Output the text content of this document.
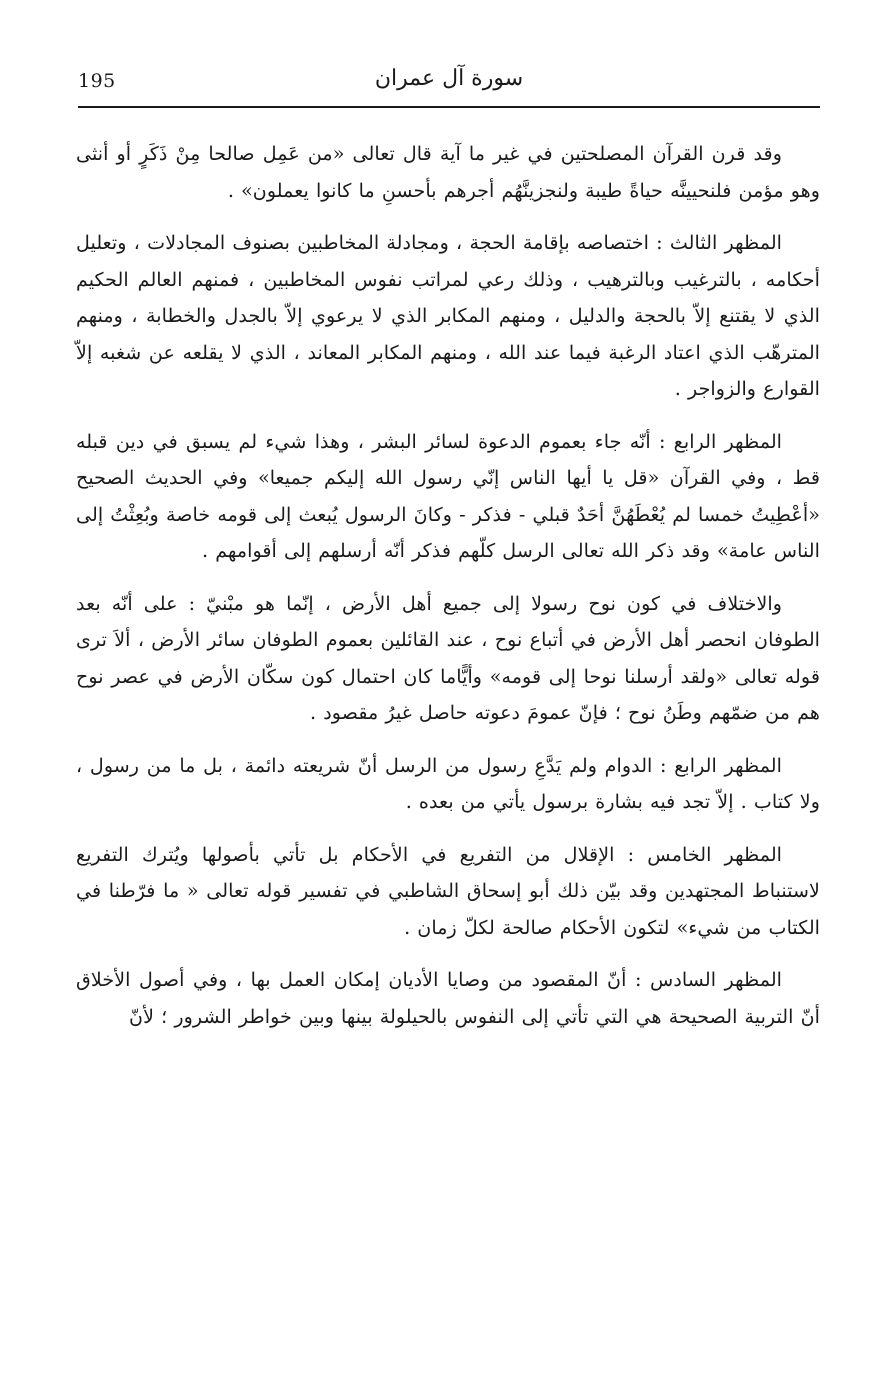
195	سورة آل عمران

وقد قرن القرآن المصلحتين في غير ما آية قال تعالى «من عَمِل صالحا مِنْ ذَكَرٍ أو أنثى وهو مؤمن فلنحيينَّه حياةً طيبة ولنجزينَّهُم أجرهم بأحسنِ ما كانوا يعملون» .

المظهر الثالث : اختصاصه بإقامة الحجة ، ومجادلة المخاطبين بصنوف المجادلات ، وتعليل أحكامه ، بالترغيب وبالترهيب ، وذلك رعي لمراتب نفوس المخاطبين ، فمنهم العالم الحكيم الذي لا يقتنع إلاّ بالحجة والدليل ، ومنهم المكابر الذي لا يرعوي إلاّ بالجدل والخطابة ، ومنهم المترهّب الذي اعتاد الرغبة فيما عند الله ، ومنهم المكابر المعاند ، الذي لا يقلعه عن شغبه إلاّ القوارع والزواجر .

المظهر الرابع : أنّه جاء بعموم الدعوة لسائر البشر ، وهذا شيء لم يسبق في دين قبله قط ، وفي القرآن «قل يا أيها الناس إنّي رسول الله إليكم جميعا» وفي الحديث الصحيح «أعْطِيتُ خمسا لم يُعْطَهُنَّ أحَدٌ قبلي - فذكر - وكانَ الرسول يُبعث إلى قومه خاصة وبُعِثْتُ إلى الناس عامة» وقد ذكر الله تعالى الرسل كلّهم فذكر أنّه أرسلهم إلى أقوامهم .

والاختلاف في كون نوح رسولا إلى جميع أهل الأرض ، إنّما هو مبْنيّ : على أنّه بعد الطوفان انحصر أهل الأرض في أتباع نوح ، عند القائلين بعموم الطوفان سائر الأرض ، ألاَ ترى قوله تعالى «ولقد أرسلنا نوحا إلى قومه» وأيًّاما كان احتمال كون سكّان الأرض في عصر نوح هم من ضمّهم وطَنُ نوح ؛ فإنّ عمومَ دعوته حاصل غيرُ مقصود .

المظهر الرابع : الدوام ولم يَدَّعِ رسول من الرسل أنّ شريعته دائمة ، بل ما من رسول ، ولا كتاب . إلاّ تجد فيه بشارة برسول يأتي من بعده .

المظهر الخامس : الإقلال من التفريع في الأحكام بل تأتي بأصولها ويُترك التفريع لاستنباط المجتهدين وقد بيّن ذلك أبو إسحاق الشاطبي في تفسير قوله تعالى « ما فرّطنا في الكتاب من شيء» لتكون الأحكام صالحة لكلّ زمان .

المظهر السادس : أنّ المقصود من وصايا الأديان إمكان العمل بها ، وفي أصول الأخلاق أنّ التربية الصحيحة هي التي تأتي إلى النفوس بالحيلولة بينها وبين خواطر الشرور ؛ لأنّ
